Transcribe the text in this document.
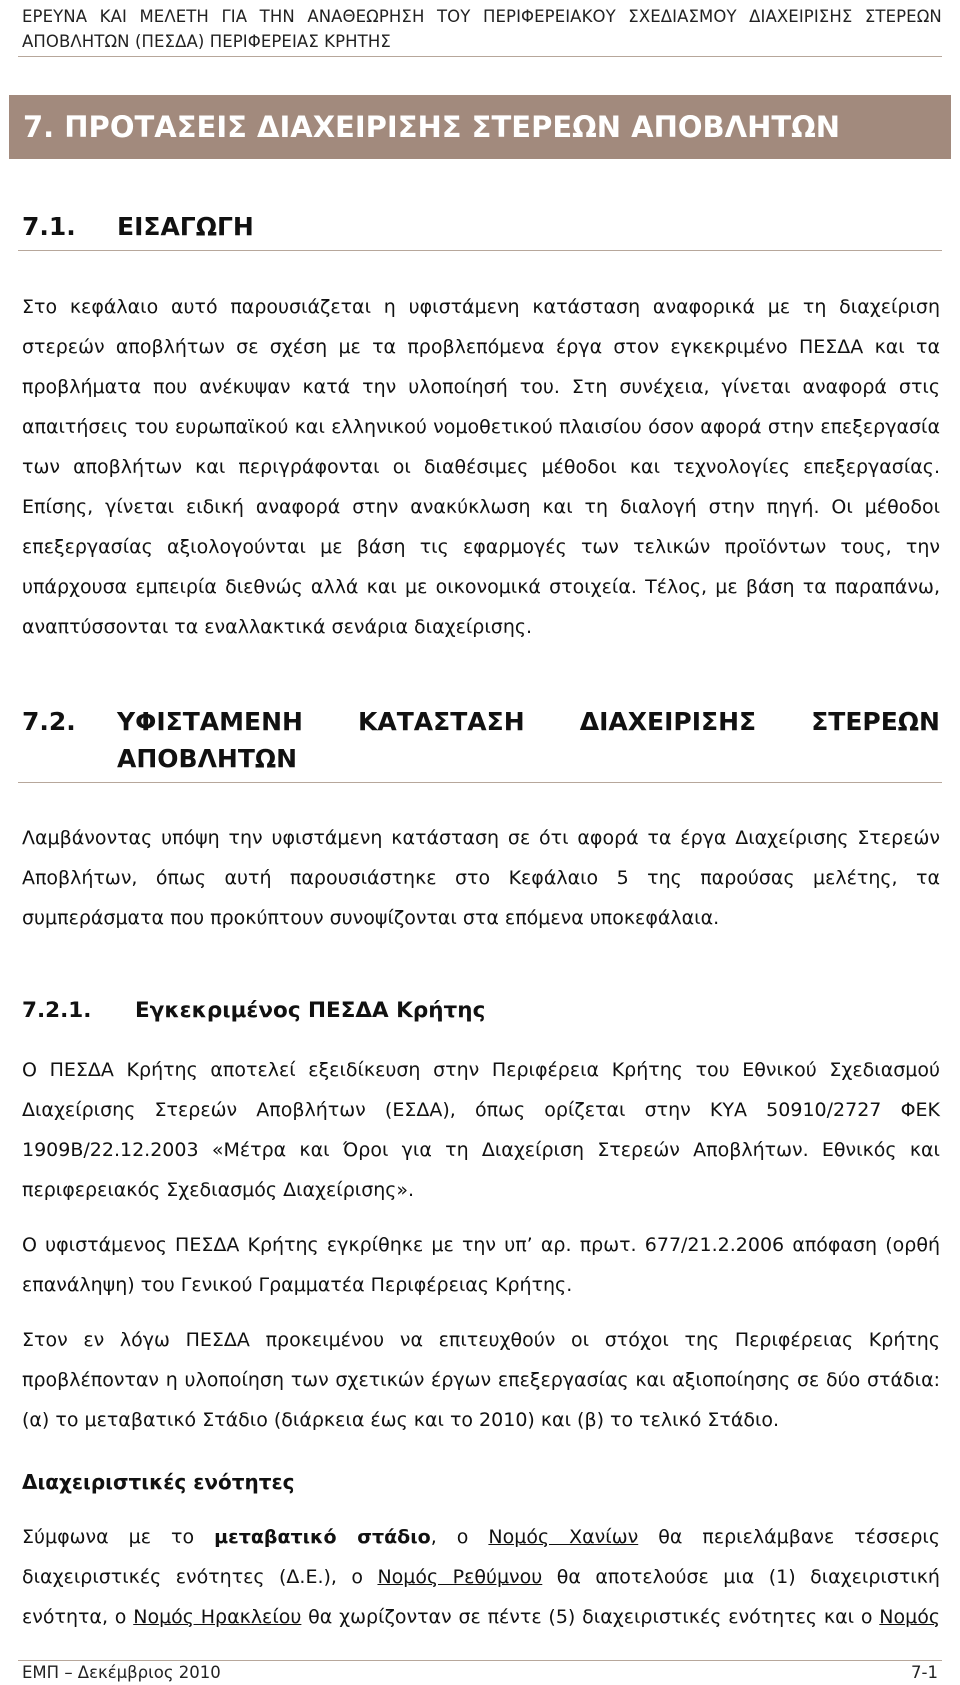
ΕΡΕΥΝΑ ΚΑΙ ΜΕΛΕΤΗ ΓΙΑ ΤΗΝ ΑΝΑΘΕΩΡΗΣΗ ΤΟΥ ΠΕΡΙΦΕΡΕΙΑΚΟΥ ΣΧΕΔΙΑΣΜΟΥ ΔΙΑΧΕΙΡΙΣΗΣ ΣΤΕΡΕΩΝ
ΑΠΟΒΛΗΤΩΝ (ΠΕΣΔΑ) ΠΕΡΙΦΕΡΕΙΑΣ ΚΡΗΤΗΣ
7. ΠΡΟΤΑΣΕΙΣ ΔΙΑΧΕΙΡΙΣΗΣ ΣΤΕΡΕΩΝ ΑΠΟΒΛΗΤΩΝ
7.1. ΕΙΣΑΓΩΓΗ

Στο κεφάλαιο αυτό παρουσιάζεται η υφιστάμενη κατάσταση αναφορικά με τη διαχείριση στερεών αποβλήτων σε σχέση με τα προβλεπόμενα έργα στον εγκεκριμένο ΠΕΣΔΑ και τα προβλήματα που ανέκυψαν κατά την υλοποίησή του. Στη συνέχεια, γίνεται αναφορά στις απαιτήσεις του ευρωπαϊκού και ελληνικού νομοθετικού πλαισίου όσον αφορά στην επεξεργασία των αποβλήτων και περιγράφονται οι διαθέσιμες μέθοδοι και τεχνολογίες επεξεργασίας. Επίσης, γίνεται ειδική αναφορά στην ανακύκλωση και τη διαλογή στην πηγή. Οι μέθοδοι επεξεργασίας αξιολογούνται με βάση τις εφαρμογές των τελικών προϊόντων τους, την υπάρχουσα εμπειρία διεθνώς αλλά και με οικονομικά στοιχεία. Τέλος, με βάση τα παραπάνω, αναπτύσσονται τα εναλλακτικά σενάρια διαχείρισης.

7.2. ΥΦΙΣΤΑΜΕΝΗ ΚΑΤΑΣΤΑΣΗ ΔΙΑΧΕΙΡΙΣΗΣ ΣΤΕΡΕΩΝ
ΑΠΟΒΛΗΤΩΝ

Λαμβάνοντας υπόψη την υφιστάμενη κατάσταση σε ότι αφορά τα έργα Διαχείρισης Στερεών Αποβλήτων, όπως αυτή παρουσιάστηκε στο Κεφάλαιο 5 της παρούσας μελέτης, τα συμπεράσματα που προκύπτουν συνοψίζονται στα επόμενα υποκεφάλαια.

7.2.1. Εγκεκριμένος ΠΕΣΔΑ Κρήτης

Ο ΠΕΣΔΑ Κρήτης αποτελεί εξειδίκευση στην Περιφέρεια Κρήτης του Εθνικού Σχεδιασμού Διαχείρισης Στερεών Αποβλήτων (ΕΣΔΑ), όπως ορίζεται στην ΚΥΑ 50910/2727 ΦΕΚ 1909Β/22.12.2003 «Μέτρα και Όροι για τη Διαχείριση Στερεών Αποβλήτων. Εθνικός και περιφερειακός Σχεδιασμός Διαχείρισης».

Ο υφιστάμενος ΠΕΣΔΑ Κρήτης εγκρίθηκε με την υπ’ αρ. πρωτ. 677/21.2.2006 απόφαση (ορθή επανάληψη) του Γενικού Γραμματέα Περιφέρειας Κρήτης.

Στον εν λόγω ΠΕΣΔΑ προκειμένου να επιτευχθούν οι στόχοι της Περιφέρειας Κρήτης προβλέπονταν η υλοποίηση των σχετικών έργων επεξεργασίας και αξιοποίησης σε δύο στάδια: (α) το μεταβατικό Στάδιο (διάρκεια έως και το 2010) και (β) το τελικό Στάδιο.

Διαχειριστικές ενότητες

Σύμφωνα με το μεταβατικό στάδιο, ο Νομός Χανίων θα περιελάμβανε τέσσερις διαχειριστικές ενότητες (Δ.Ε.), ο Νομός Ρεθύμνου θα αποτελούσε μια (1) διαχειριστική ενότητα, ο Νομός Ηρακλείου θα χωρίζονταν σε πέντε (5) διαχειριστικές ενότητες και ο Νομός

ΕΜΠ – Δεκέμβριος 2010	7-1
